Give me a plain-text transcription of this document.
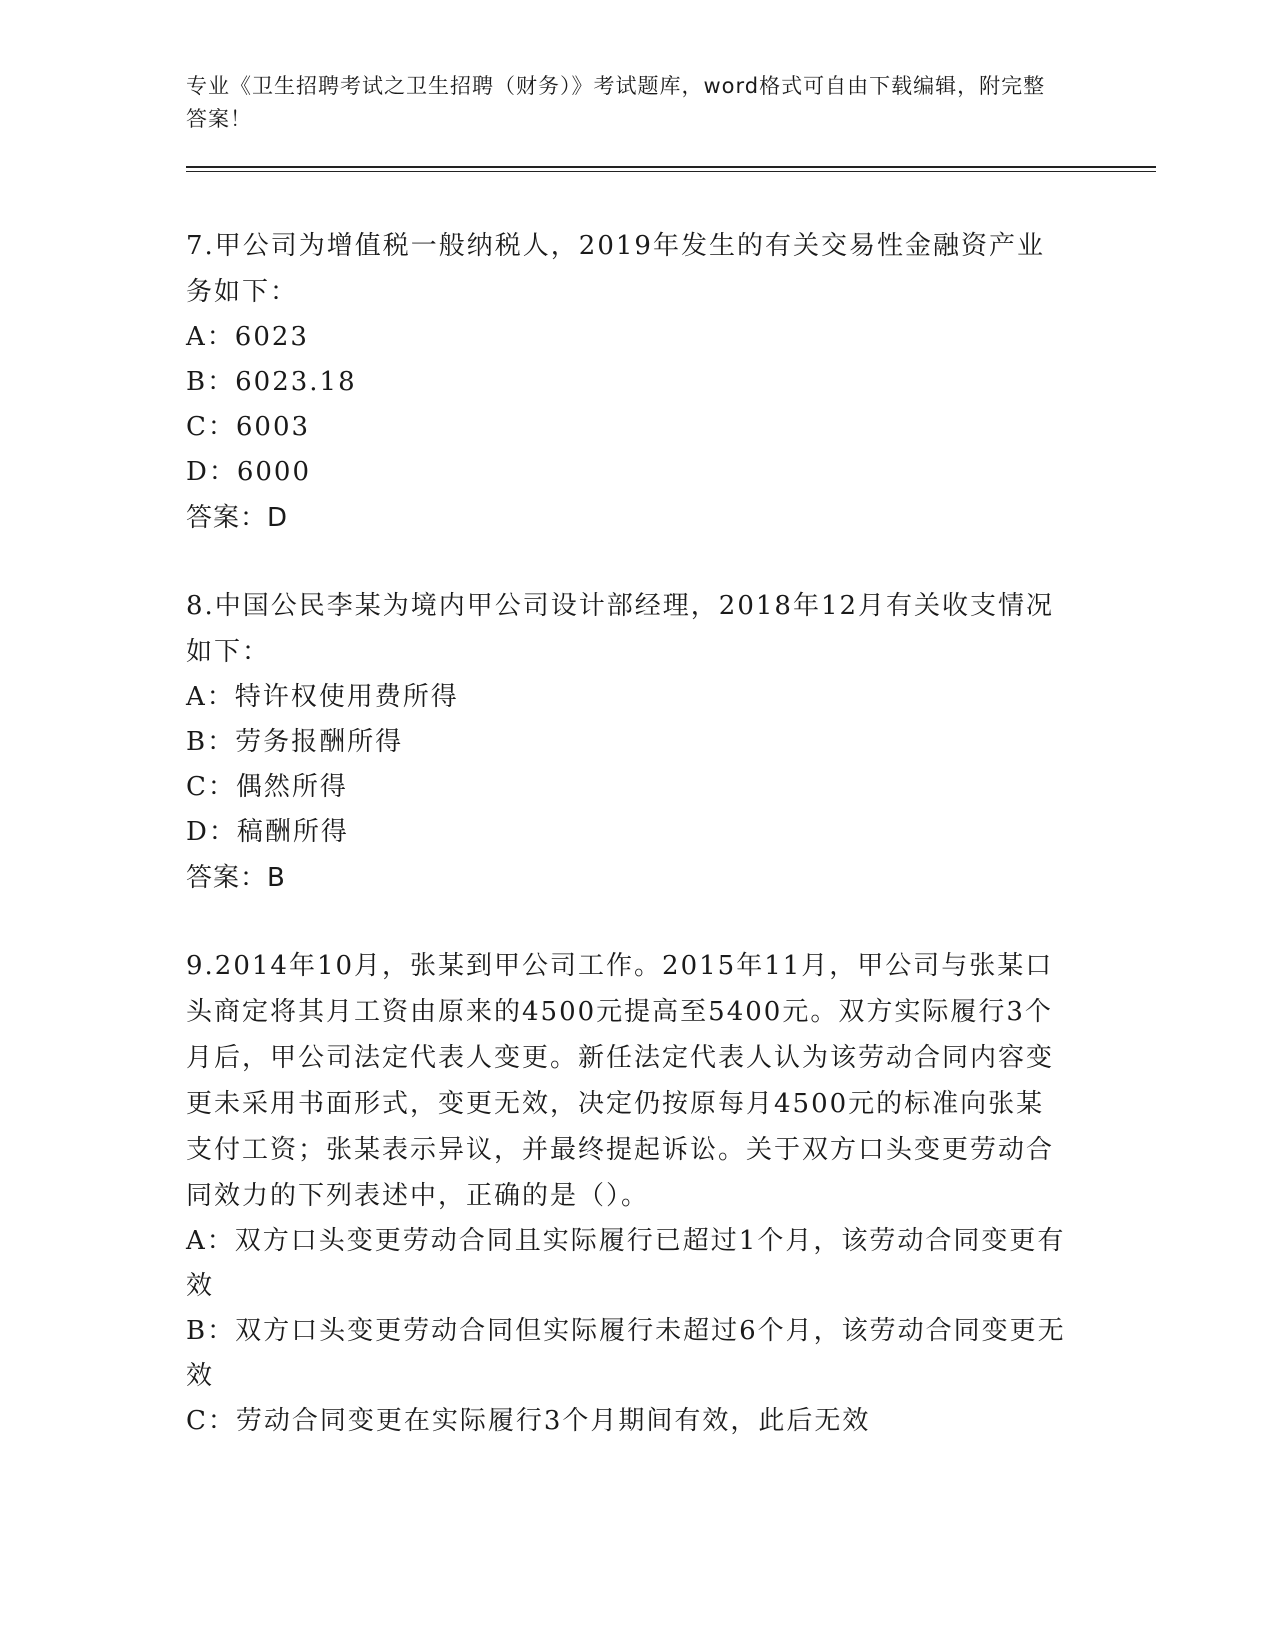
专业《卫生招聘考试之卫生招聘（财务）》考试题库，word格式可自由下载编辑，附完整答案！
7.甲公司为增值税一般纳税人，2019年发生的有关交易性金融资产业务如下：
A：6023
B：6023.18
C：6003
D：6000
答案：D
8.中国公民李某为境内甲公司设计部经理，2018年12月有关收支情况如下：
A：特许权使用费所得
B：劳务报酬所得
C：偶然所得
D：稿酬所得
答案：B
9.2014年10月，张某到甲公司工作。2015年11月，甲公司与张某口头商定将其月工资由原来的4500元提高至5400元。双方实际履行3个月后，甲公司法定代表人变更。新任法定代表人认为该劳动合同内容变更未采用书面形式，变更无效，决定仍按原每月4500元的标准向张某支付工资；张某表示异议，并最终提起诉讼。关于双方口头变更劳动合同效力的下列表述中，正确的是（）。
A：双方口头变更劳动合同且实际履行已超过1个月，该劳动合同变更有效
B：双方口头变更劳动合同但实际履行未超过6个月，该劳动合同变更无效
C：劳动合同变更在实际履行3个月期间有效，此后无效
